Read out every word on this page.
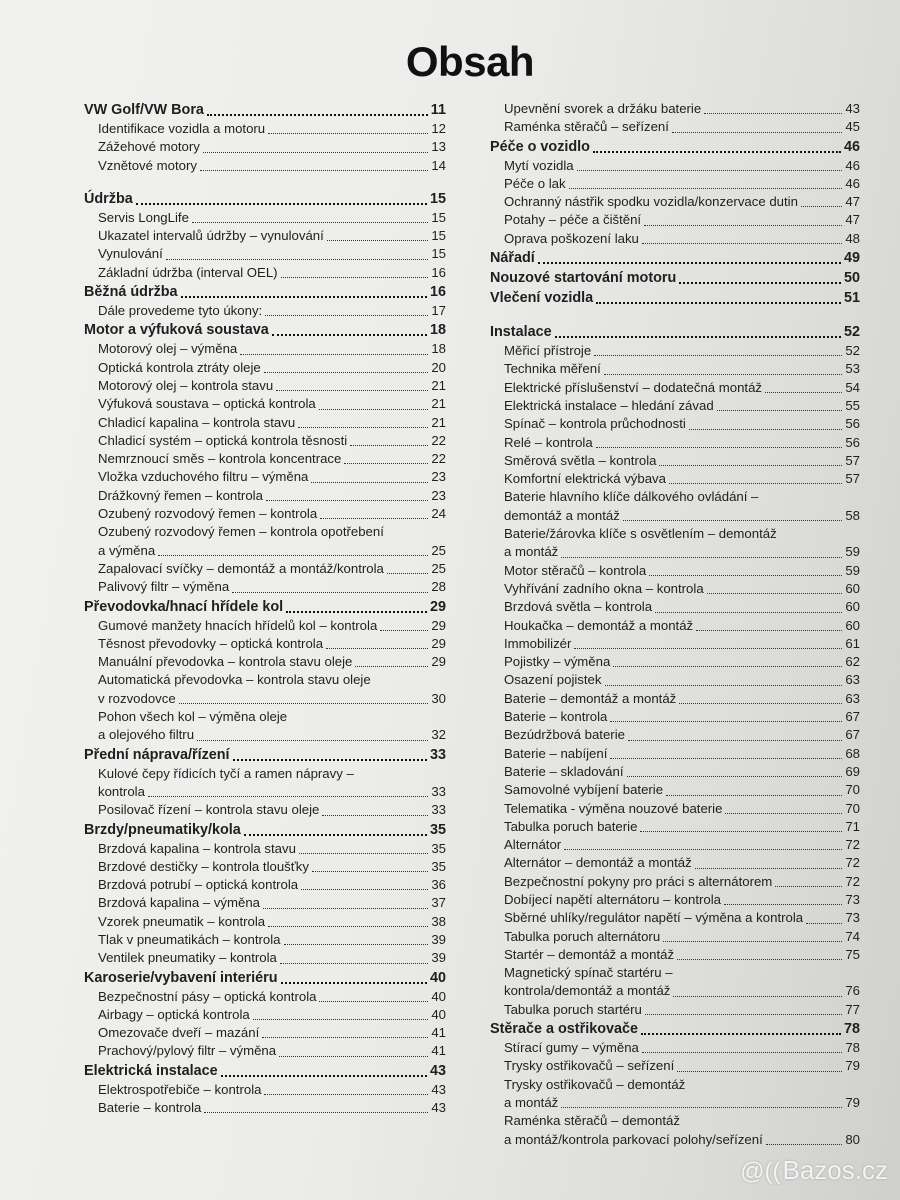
Obsah
VW Golf/VW Bora	11
Identifikace vozidla a motoru	12
Zážehové motory	13
Vznětové motory	14
Údržba	15
Servis LongLife	15
Ukazatel intervalů údržby – vynulování	15
Vynulování	15
Základní údržba (interval OEL)	16
Běžná údržba	16
Dále provedeme tyto úkony:	17
Motor a výfuková soustava	18
Motorový olej – výměna	18
Optická kontrola ztráty oleje	20
Motorový olej – kontrola stavu	21
Výfuková soustava – optická kontrola	21
Chladicí kapalina – kontrola stavu	21
Chladicí systém – optická kontrola těsnosti	22
Nemrznoucí směs – kontrola koncentrace	22
Vložka vzduchového filtru – výměna	23
Drážkovný řemen – kontrola	23
Ozubený rozvodový řemen – kontrola	24
Ozubený rozvodový řemen – kontrola opotřebení
a výměna	25
Zapalovací svíčky – demontáž a montáž/kontrola	25
Palivový filtr – výměna	28
Převodovka/hnací hřídele kol	29
Gumové manžety hnacích hřídelů kol – kontrola	29
Těsnost převodovky – optická kontrola	29
Manuální převodovka – kontrola stavu oleje	29
Automatická převodovka – kontrola stavu oleje
v rozvodovce	30
Pohon všech kol – výměna oleje
a olejového filtru	32
Přední náprava/řízení	33
Kulové čepy řídicích tyčí a ramen nápravy –
kontrola	33
Posilovač řízení – kontrola stavu oleje	33
Brzdy/pneumatiky/kola	35
Brzdová kapalina – kontrola stavu	35
Brzdové destičky – kontrola tloušťky	35
Brzdová potrubí – optická kontrola	36
Brzdová kapalina – výměna	37
Vzorek pneumatik – kontrola	38
Tlak v pneumatikách – kontrola	39
Ventilek pneumatiky – kontrola	39
Karoserie/vybavení interiéru	40
Bezpečnostní pásy – optická kontrola	40
Airbagy – optická kontrola	40
Omezovače dveří – mazání	41
Prachový/pylový filtr – výměna	41
Elektrická instalace	43
Elektrospotřebiče – kontrola	43
Baterie – kontrola	43
Upevnění svorek a držáku baterie	43
Raménka stěračů – seřízení	45
Péče o vozidlo	46
Mytí vozidla	46
Péče o lak	46
Ochranný nástřik spodku vozidla/konzervace dutin	47
Potahy – péče a čištění	47
Oprava poškození laku	48
Nářadí	49
Nouzové startování motoru	50
Vlečení vozidla	51
Instalace	52
Měřicí přístroje	52
Technika měření	53
Elektrické příslušenství – dodatečná montáž	54
Elektrická instalace – hledání závad	55
Spínač – kontrola průchodnosti	56
Relé – kontrola	56
Směrová světla – kontrola	57
Komfortní elektrická výbava	57
Baterie hlavního klíče dálkového ovládání –
demontáž a montáž	58
Baterie/žárovka klíče s osvětlením – demontáž
a montáž	59
Motor stěračů – kontrola	59
Vyhřívání zadního okna – kontrola	60
Brzdová světla – kontrola	60
Houkačka – demontáž a montáž	60
Immobilizér	61
Pojistky – výměna	62
Osazení pojistek	63
Baterie – demontáž a montáž	63
Baterie – kontrola	67
Bezúdržbová baterie	67
Baterie – nabíjení	68
Baterie – skladování	69
Samovolné vybíjení baterie	70
Telematika - výměna nouzové baterie	70
Tabulka poruch baterie	71
Alternátor	72
Alternátor – demontáž a montáž	72
Bezpečnostní pokyny pro práci s alternátorem	72
Dobíjecí napětí alternátoru – kontrola	73
Sběrné uhlíky/regulátor napětí – výměna a kontrola	73
Tabulka poruch alternátoru	74
Startér – demontáž a montáž	75
Magnetický spínač startéru –
kontrola/demontáž a montáž	76
Tabulka poruch startéru	77
Stěrače a ostřikovače	78
Stírací gumy – výměna	78
Trysky ostřikovačů – seřízení	79
Trysky ostřikovačů – demontáž
a montáž	79
Raménka stěračů – demontáž
a montáž/kontrola parkovací polohy/seřízení	80
@((Bazos.cz
